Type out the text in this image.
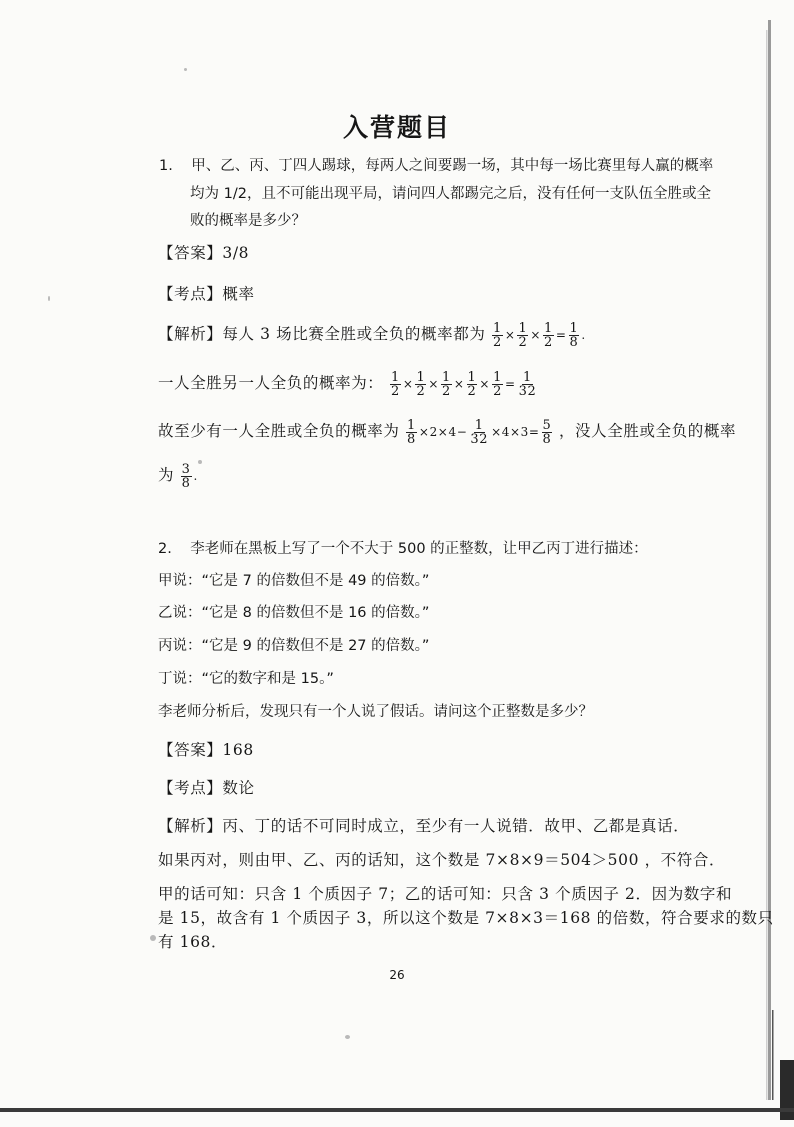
入营题目
1. 甲、乙、丙、丁四人踢球，每两人之间要踢一场，其中每一场比赛里每人赢的概率
均为 1/2，且不可能出现平局，请问四人都踢完之后，没有任何一支队伍全胜或全
败的概率是多少？
【答案】3/8
【考点】概率
【解析】每人 3 场比赛全胜或全负的概率都为 $\frac{1}{2} \times \frac{1}{2} \times \frac{1}{2} = \frac{1}{8}$ .
一人全胜另一人全负的概率为： $\frac{1}{2} \times \frac{1}{2} \times \frac{1}{2} \times \frac{1}{2} \times \frac{1}{2} = \frac{1}{32}$
故至少有一人全胜或全负的概率为 $\frac{1}{8} \times 2\times 4- \frac{1}{32} \times 4\times 3= \frac{5}{8}$ ，没人全胜或全负的概率
为 $\frac{3}{8}$ .
2. 李老师在黑板上写了一个不大于 500 的正整数，让甲乙丙丁进行描述：
甲说：“它是 7 的倍数但不是 49 的倍数。”
乙说：“它是 8 的倍数但不是 16 的倍数。”
丙说：“它是 9 的倍数但不是 27 的倍数。”
丁说：“它的数字和是 15。”
李老师分析后，发现只有一个人说了假话。请问这个正整数是多少？
【答案】168
【考点】数论
【解析】丙、丁的话不可同时成立，至少有一人说错．故甲、乙都是真话．
如果丙对，则由甲、乙、丙的话知，这个数是 7×8×9＝504＞500 ，不符合．
甲的话可知：只含 1 个质因子 7；乙的话可知：只含 3 个质因子 2．因为数字和
是 15，故含有 1 个质因子 3，所以这个数是 7×8×3＝168 的倍数，符合要求的数只
有 168．
26
